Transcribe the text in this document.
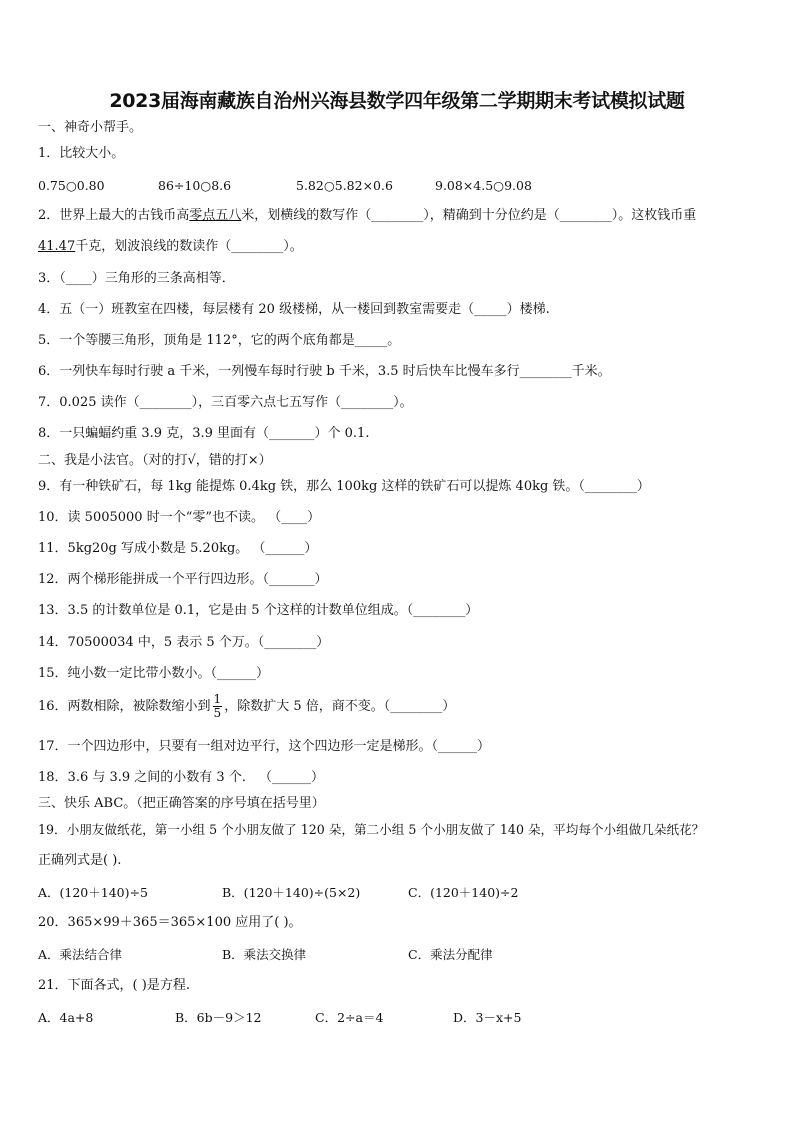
2023届海南藏族自治州兴海县数学四年级第二学期期末考试模拟试题
一、神奇小帮手。
1．比较大小。
0.75○0.80	86÷10○8.6	5.82○5.82×0.6	9.08×4.5○9.08
2．世界上最大的古钱币高零点五八米，划横线的数写作（________），精确到十分位约是（________）。这枚钱币重
41.47千克，划波浪线的数读作（________）。
3．（____）三角形的三条高相等．
4．五（一）班教室在四楼，每层楼有 20 级楼梯，从一楼回到教室需要走（_____）楼梯.
5．一个等腰三角形，顶角是 112°，它的两个底角都是_____。
6．一列快车每时行驶 a 千米，一列慢车每时行驶 b 千米，3.5 时后快车比慢车多行________千米。
7．0.025 读作（________），三百零六点七五写作（________）。
8．一只蝙蝠约重 3.9 克，3.9 里面有（_______）个 0.1.
二、我是小法官。（对的打√，错的打×）
9．有一种铁矿石，每 1kg 能提炼 0.4kg 铁，那么 100kg 这样的铁矿石可以提炼 40kg 铁。（________）
10．读 5005000 时一个“零”也不读。 （____）
11．5kg20g 写成小数是 5.20kg。 （______）
12．两个梯形能拼成一个平行四边形。（_______）
13．3.5 的计数单位是 0.1，它是由 5 个这样的计数单位组成。（________）
14．70500034 中，5 表示 5 个万。（________）
15．纯小数一定比带小数小。（______）
16．两数相除，被除数缩小到 $\frac{1}{5}$ ，除数扩大 5 倍，商不变。（________）
17．一个四边形中，只要有一组对边平行，这个四边形一定是梯形。（______）
18．3.6 与 3.9 之间的小数有 3 个． （______）
三、快乐 ABC。（把正确答案的序号填在括号里）
19．小朋友做纸花，第一小组 5 个小朋友做了 120 朵，第二小组 5 个小朋友做了 140 朵，平均每个小组做几朵纸花？
正确列式是( ).
A．(120＋140)÷5	B．(120＋140)÷(5×2)	C．(120＋140)÷2
20．365×99＋365＝365×100 应用了( )。
A．乘法结合律	B．乘法交换律	C．乘法分配律
21．下面各式，( )是方程.
A．4a+8	B．6b－9＞12	C．2÷a＝4	D．3－x+5
